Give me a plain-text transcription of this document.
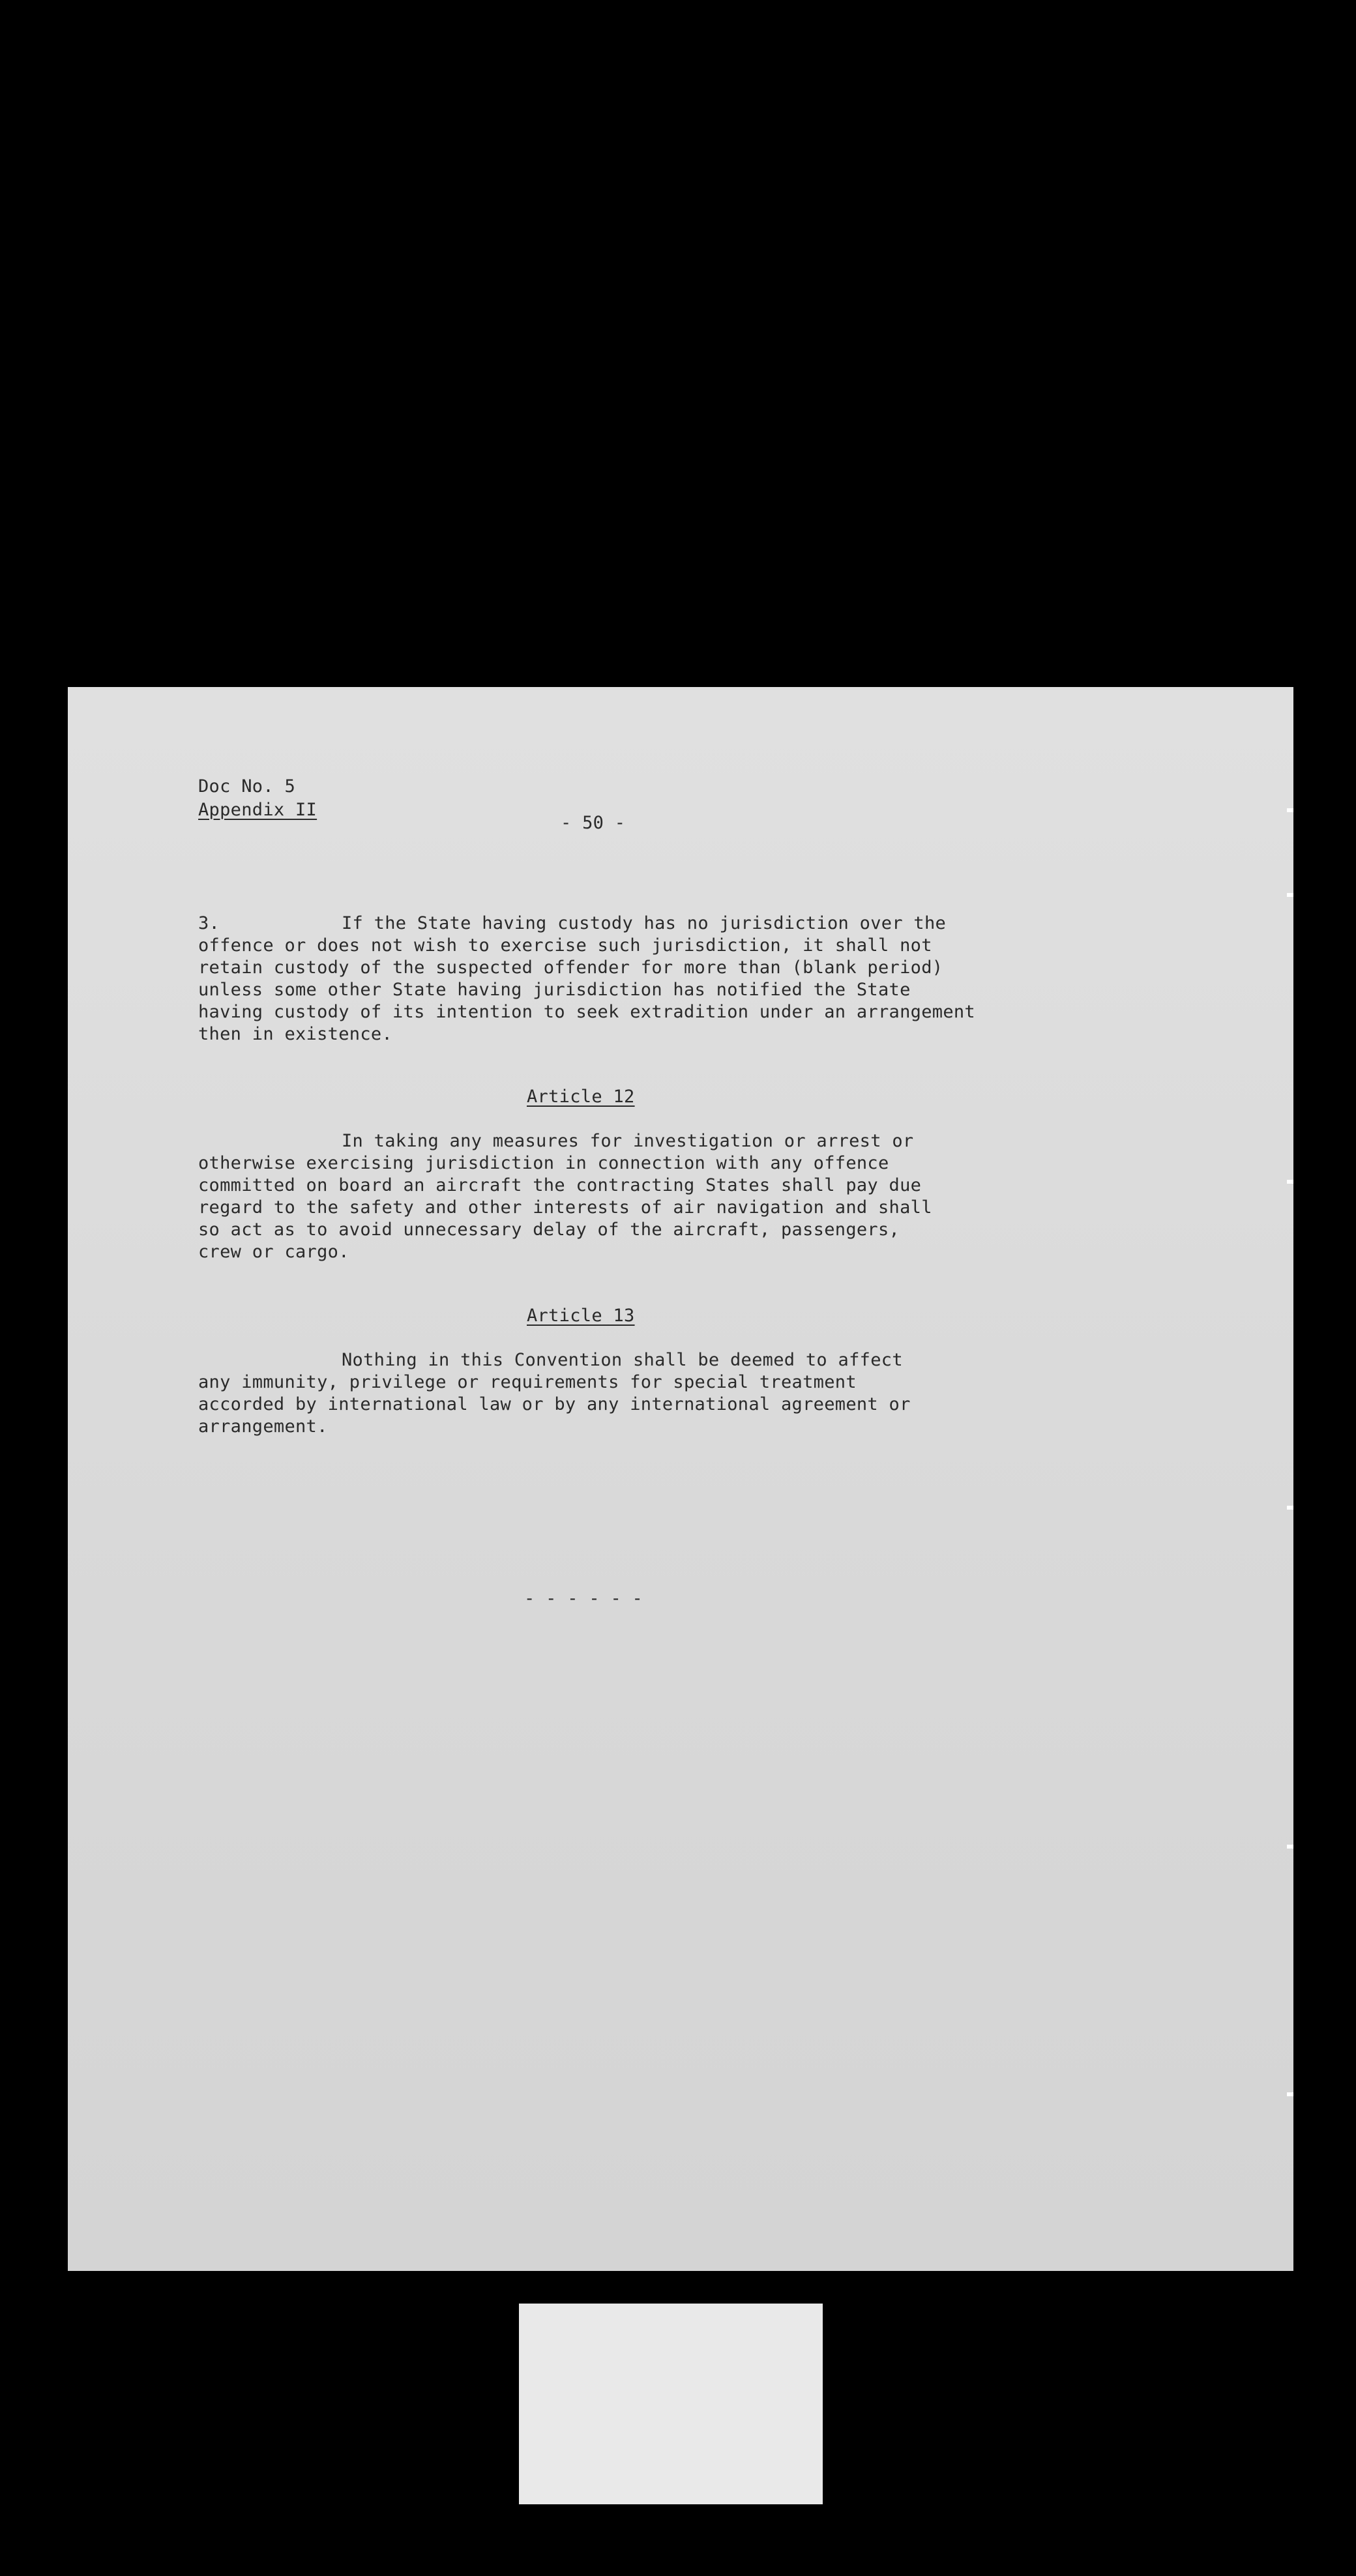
Doc No. 5
Appendix II
- 50 -
3.	If the State having custody has no jurisdiction over the
offence or does not wish to exercise such jurisdiction, it shall not
retain custody of the suspected offender for more than (blank period)
unless some other State having jurisdiction has notified the State
having custody of its intention to seek extradition under an arrangement
then in existence.
Article 12
In taking any measures for investigation or arrest or
otherwise exercising jurisdiction in connection with any offence
committed on board an aircraft the contracting States shall pay due
regard to the safety and other interests of air navigation and shall
so act as to avoid unnecessary delay of the aircraft, passengers,
crew or cargo.
Article 13
Nothing in this Convention shall be deemed to affect
any immunity, privilege or requirements for special treatment
accorded by international law or by any international agreement or
arrangement.
- - - - - -
